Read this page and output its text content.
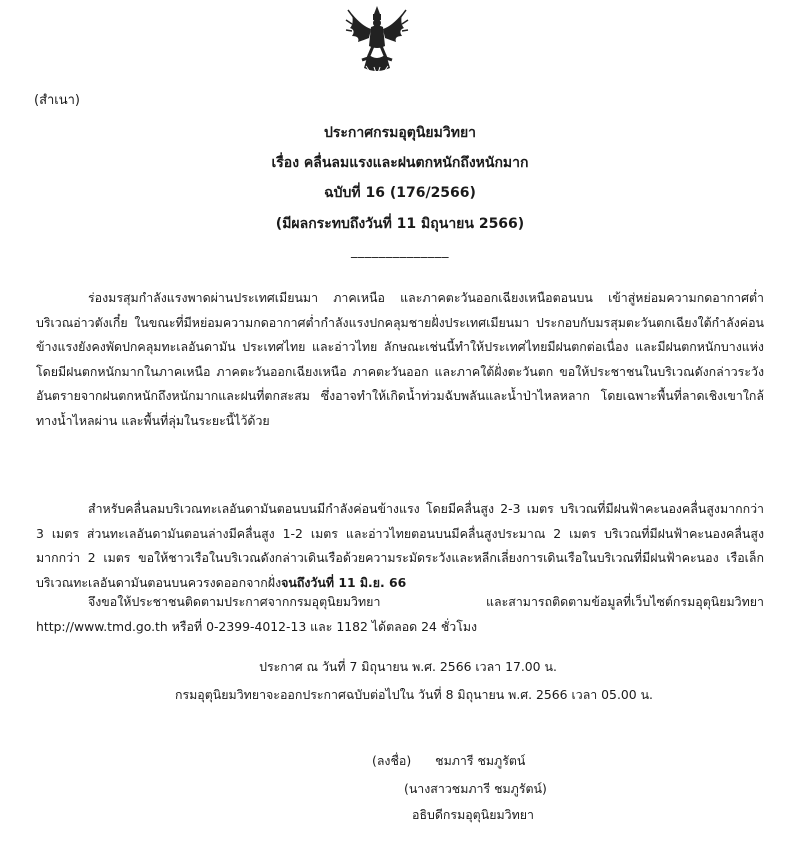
(สำเนา)
ประกาศกรมอุตุนิยมวิทยา
เรื่อง คลื่นลมแรงและฝนตกหนักถึงหนักมาก
ฉบับที่ 16 (176/2566)
(มีผลกระทบถึงวันที่ 11 มิถุนายน 2566)
______________

ร่องมรสุมกำลังแรงพาดผ่านประเทศเมียนมา ภาคเหนือ และภาคตะวันออกเฉียงเหนือตอนบน เข้าสู่หย่อมความกดอากาศต่ำบริเวณอ่าวตังเกี๋ย ในขณะที่มีหย่อมความกดอากาศต่ำกำลังแรงปกคลุมชายฝั่งประเทศเมียนมา ประกอบกับมรสุมตะวันตกเฉียงใต้กำลังค่อนข้างแรงยังคงพัดปกคลุมทะเลอันดามัน ประเทศไทย และอ่าวไทย ลักษณะเช่นนี้ทำให้ประเทศไทยมีฝนตกต่อเนื่อง และมีฝนตกหนักบางแห่ง โดยมีฝนตกหนักมากในภาคเหนือ ภาคตะวันออกเฉียงเหนือ ภาคตะวันออก และภาคใต้ฝั่งตะวันตก ขอให้ประชาชนในบริเวณดังกล่าวระวังอันตรายจากฝนตกหนักถึงหนักมากและฝนที่ตกสะสม ซึ่งอาจทำให้เกิดน้ำท่วมฉับพลันและน้ำป่าไหลหลาก โดยเฉพาะพื้นที่ลาดเชิงเขาใกล้ทางน้ำไหลผ่าน และพื้นที่ลุ่มในระยะนี้ไว้ด้วย

สำหรับคลื่นลมบริเวณทะเลอันดามันตอนบนมีกำลังค่อนข้างแรง โดยมีคลื่นสูง 2-3 เมตร บริเวณที่มีฝนฟ้าคะนองคลื่นสูงมากกว่า 3 เมตร ส่วนทะเลอันดามันตอนล่างมีคลื่นสูง 1-2 เมตร และอ่าวไทยตอนบนมีคลื่นสูงประมาณ 2 เมตร บริเวณที่มีฝนฟ้าคะนองคลื่นสูงมากกว่า 2 เมตร ขอให้ชาวเรือในบริเวณดังกล่าวเดินเรือด้วยความระมัดระวังและหลีกเลี่ยงการเดินเรือในบริเวณที่มีฝนฟ้าคะนอง เรือเล็กบริเวณทะเลอันดามันตอนบนควรงดออกจากฝั่งจนถึงวันที่ 11 มิ.ย. 66

จึงขอให้ประชาชนติดตามประกาศจากกรมอุตุนิยมวิทยา และสามารถติดตามข้อมูลที่เว็บไซต์กรมอุตุนิยมวิทยา http://www.tmd.go.th หรือที่ 0-2399-4012-13 และ 1182 ได้ตลอด 24 ชั่วโมง

ประกาศ ณ วันที่ 7 มิถุนายน พ.ศ. 2566 เวลา 17.00 น.
กรมอุตุนิยมวิทยาจะออกประกาศฉบับต่อไปใน วันที่ 8 มิถุนายน พ.ศ. 2566 เวลา 05.00 น.
(ลงชื่อ) ชมภารี ชมภูรัตน์
(นางสาวชมภารี ชมภูรัตน์)
อธิบดีกรมอุตุนิยมวิทยา
